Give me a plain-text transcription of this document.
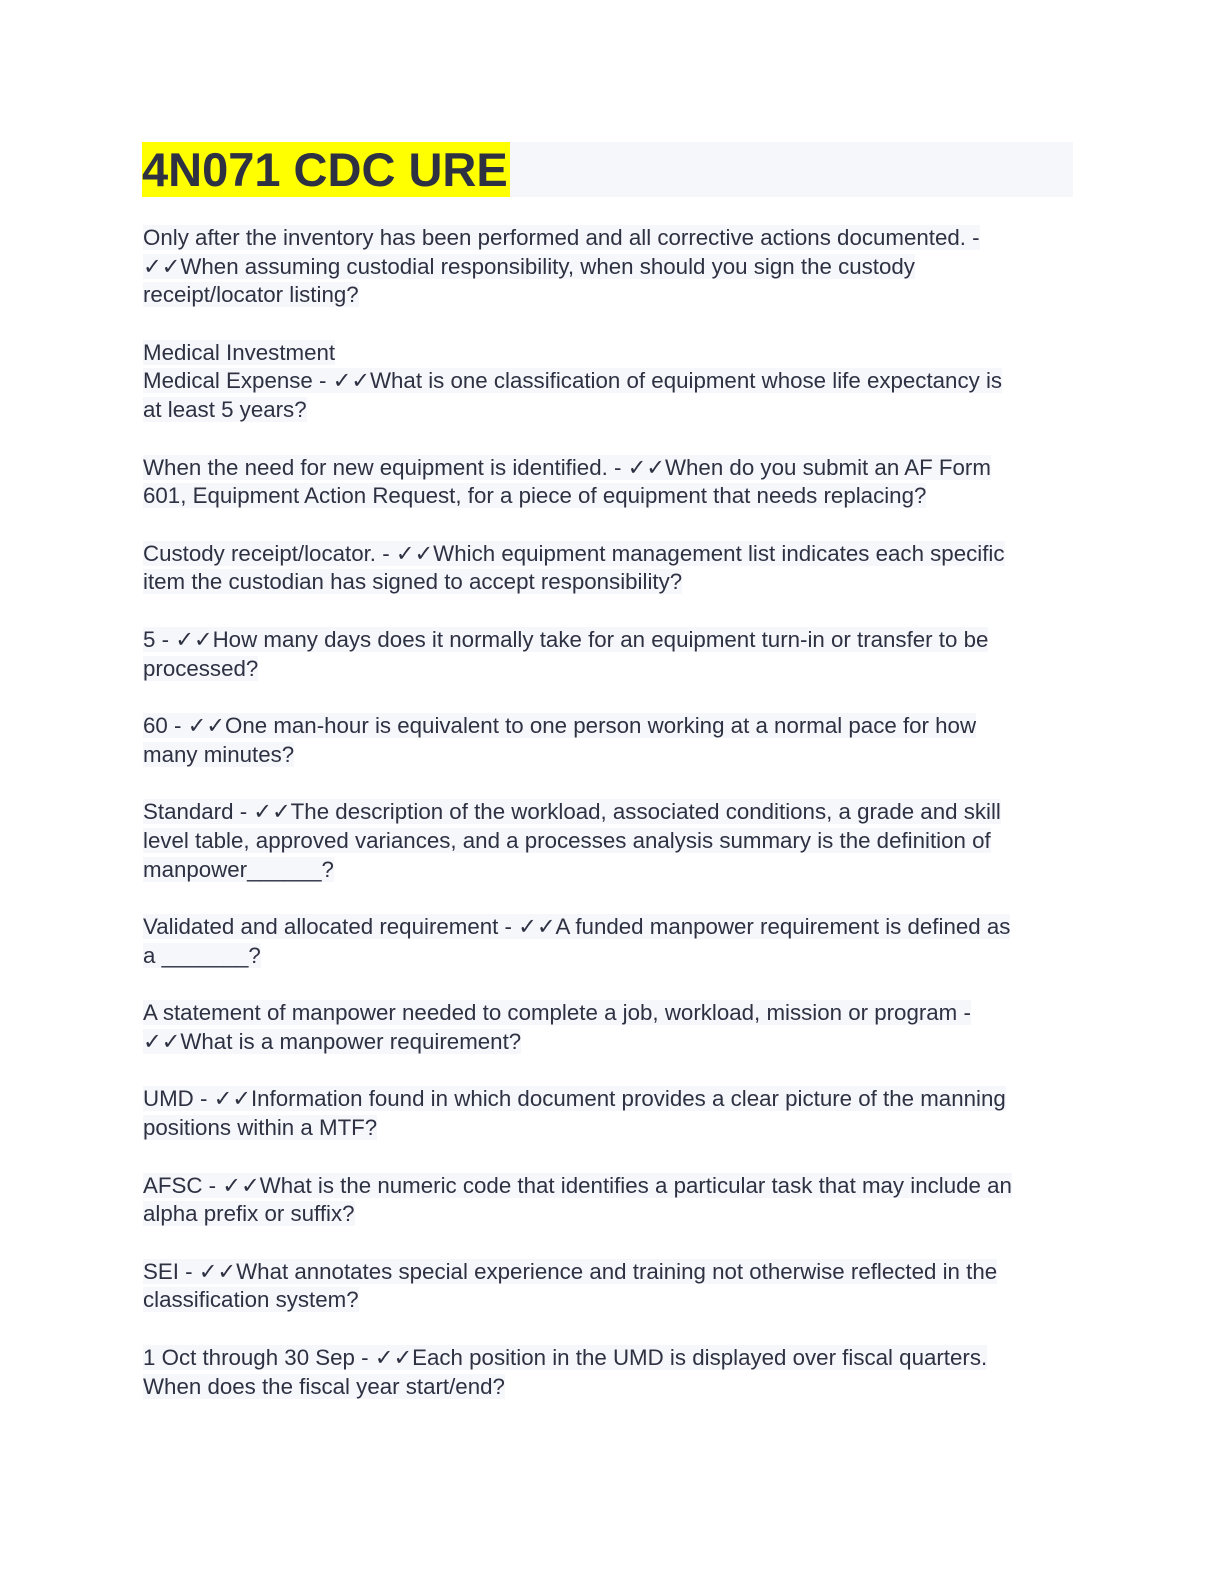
4N071 CDC URE
Only after the inventory has been performed and all corrective actions documented. -
✓✓When assuming custodial responsibility, when should you sign the custody
receipt/locator listing?
Medical Investment
Medical Expense - ✓✓What is one classification of equipment whose life expectancy is
at least 5 years?
When the need for new equipment is identified. - ✓✓When do you submit an AF Form
601, Equipment Action Request, for a piece of equipment that needs replacing?
Custody receipt/locator. - ✓✓Which equipment management list indicates each specific
item the custodian has signed to accept responsibility?
5 - ✓✓How many days does it normally take for an equipment turn-in or transfer to be
processed?
60 - ✓✓One man-hour is equivalent to one person working at a normal pace for how
many minutes?
Standard - ✓✓The description of the workload, associated conditions, a grade and skill
level table, approved variances, and a processes analysis summary is the definition of
manpower______?
Validated and allocated requirement - ✓✓A funded manpower requirement is defined as
a _______?
A statement of manpower needed to complete a job, workload, mission or program -
✓✓What is a manpower requirement?
UMD - ✓✓Information found in which document provides a clear picture of the manning
positions within a MTF?
AFSC - ✓✓What is the numeric code that identifies a particular task that may include an
alpha prefix or suffix?
SEI - ✓✓What annotates special experience and training not otherwise reflected in the
classification system?
1 Oct through 30 Sep - ✓✓Each position in the UMD is displayed over fiscal quarters.
When does the fiscal year start/end?
